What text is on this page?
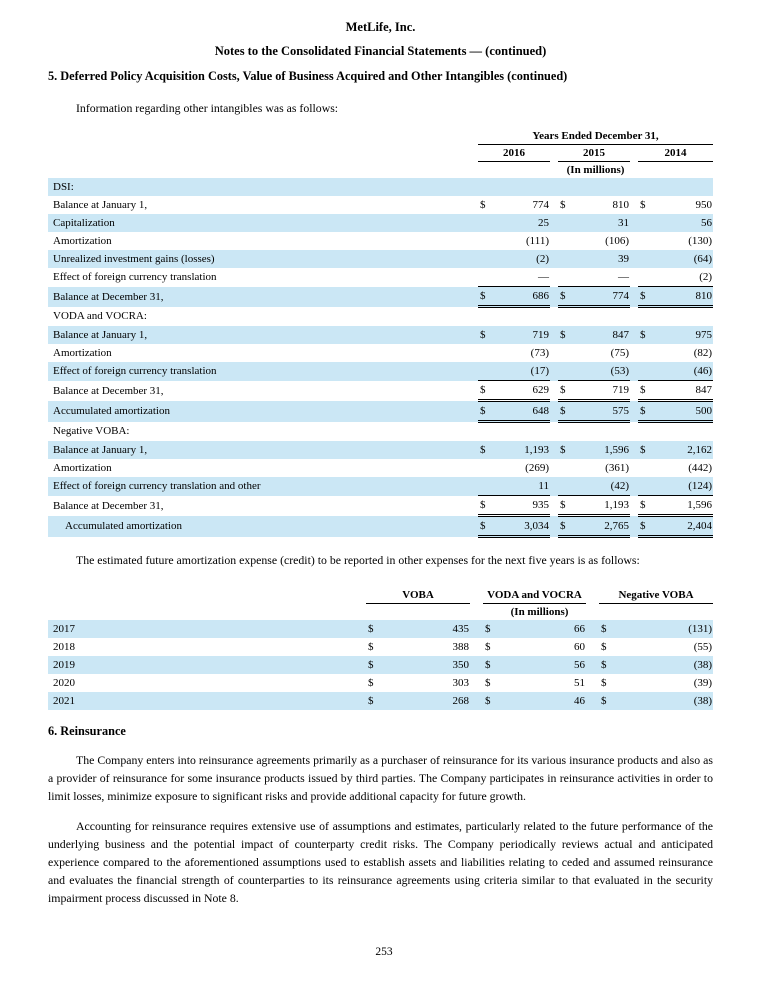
MetLife, Inc.
Notes to the Consolidated Financial Statements — (continued)
5. Deferred Policy Acquisition Costs, Value of Business Acquired and Other Intangibles (continued)
Information regarding other intangibles was as follows:
	Years Ended December 31,							
	2016			2015			2014	
	(In millions)							
DSI:								
Balance at January 1,	$	774		$	810		$	950
Capitalization		25			31			56
Amortization		(111)			(106)			(130)
Unrealized investment gains (losses)		(2)			39			(64)
Effect of foreign currency translation		—			—			(2)
Balance at December 31,	$	686		$	774		$	810
VODA and VOCRA:								
Balance at January 1,	$	719		$	847		$	975
Amortization		(73)			(75)			(82)
Effect of foreign currency translation		(17)			(53)			(46)
Balance at December 31,	$	629		$	719		$	847
Accumulated amortization	$	648		$	575		$	500
Negative VOBA:								
Balance at January 1,	$	1,193		$	1,596		$	2,162
Amortization		(269)			(361)			(442)
Effect of foreign currency translation and other		11			(42)			(124)
Balance at December 31,	$	935		$	1,193		$	1,596
Accumulated amortization	$	3,034		$	2,765		$	2,404
The estimated future amortization expense (credit) to be reported in other expenses for the next five years is as follows:
	VOBA			VODA and VOCRA			Negative VOBA	
	(In millions)							
2017	$	435		$	66		$	(131)
2018	$	388		$	60		$	(55)
2019	$	350		$	56		$	(38)
2020	$	303		$	51		$	(39)
2021	$	268		$	46		$	(38)
6. Reinsurance
The Company enters into reinsurance agreements primarily as a purchaser of reinsurance for its various insurance products and also as a provider of reinsurance for some insurance products issued by third parties. The Company participates in reinsurance activities in order to limit losses, minimize exposure to significant risks and provide additional capacity for future growth.
Accounting for reinsurance requires extensive use of assumptions and estimates, particularly related to the future performance of the underlying business and the potential impact of counterparty credit risks. The Company periodically reviews actual and anticipated experience compared to the aforementioned assumptions used to establish assets and liabilities relating to ceded and assumed reinsurance and evaluates the financial strength of counterparties to its reinsurance agreements using criteria similar to that evaluated in the security impairment process discussed in Note 8.
253
